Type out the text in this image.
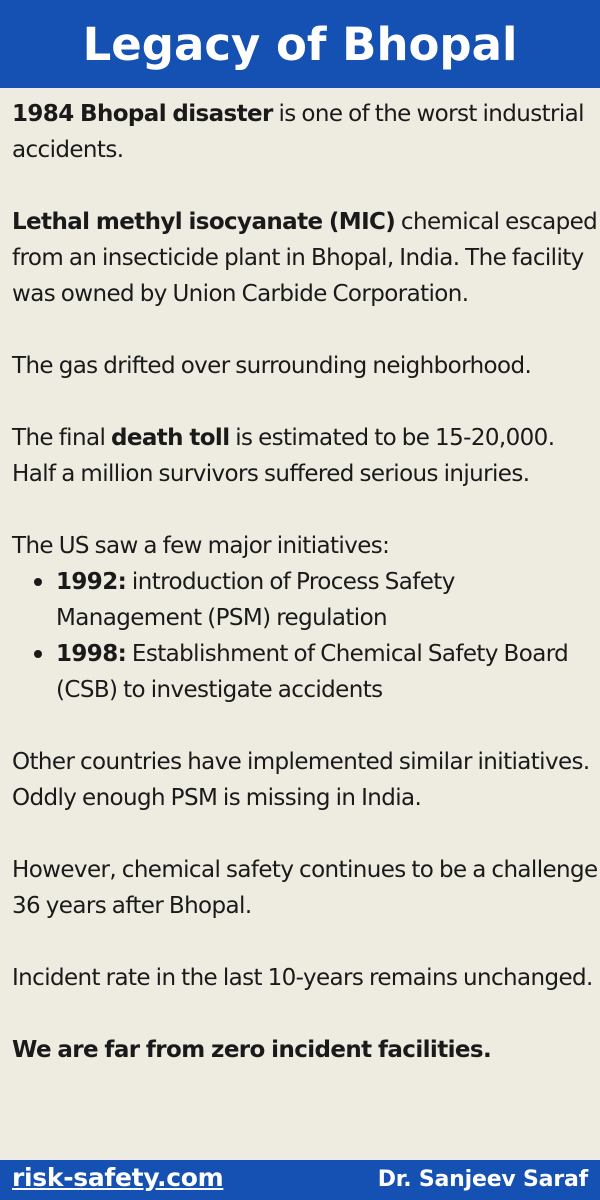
Legacy of Bhopal

1984 Bhopal disaster is one of the worst industrial accidents.

Lethal methyl isocyanate (MIC) chemical escaped from an insecticide plant in Bhopal, India. The facility was owned by Union Carbide Corporation.

The gas drifted over surrounding neighborhood.

The final death toll is estimated to be 15-20,000. Half a million survivors suffered serious injuries.

The US saw a few major initiatives:

1992: introduction of Process Safety Management (PSM) regulation
1998: Establishment of Chemical Safety Board (CSB) to investigate accidents

Other countries have implemented similar initiatives. Oddly enough PSM is missing in India.

However, chemical safety continues to be a challenge 36 years after Bhopal.

Incident rate in the last 10-years remains unchanged.

We are far from zero incident facilities.

risk-safety.com	Dr. Sanjeev Saraf
